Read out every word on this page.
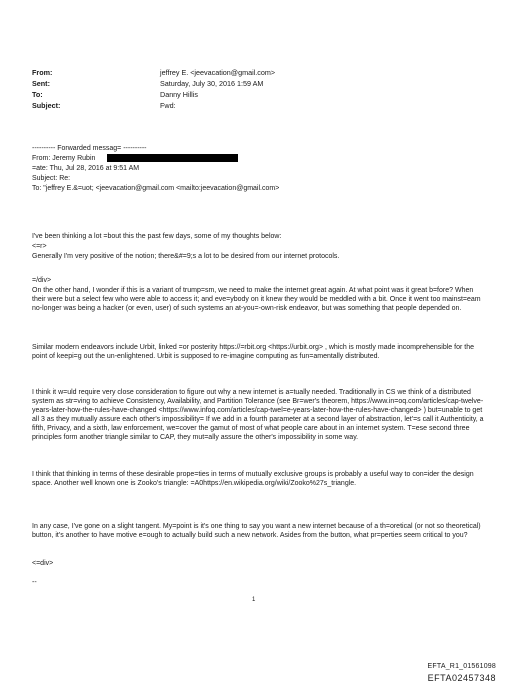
From:	jeffrey E. <jeevacation@gmail.com>
Sent:	Saturday, July 30, 2016 1:59 AM
To:	Danny Hillis
Subject:	Fwd:
---------- Forwarded messag= ----------
From: Jeremy Rubin
=ate: Thu, Jul 28, 2016 at 9:51 AM
Subject: Re:
To: "jeffrey E.&=uot; <jeevacation@gmail.com <mailto:jeevacation@gmail.com>
I've been thinking a lot =bout this the past few days, some of my thoughts below:
<=r>
Generally I'm very positive of the notion; there&#=9;s a lot to be desired from our internet protocols.
=/div>
On the other hand, I wonder if this is a variant of trump=sm, we need to make the internet great again. At what point was it great b=fore? When their were but a select few who were able to access it; and eve=ybody on it knew they would be meddled with a bit. Once it went too mainst=eam no-longer was being a hacker (or even, user) of such systems an at-you=-own-risk endeavor, but was something that people depended on.
Similar modern endeavors include Urbit, linked =or posterity https://=rbit.org <https://urbit.org> , which is mostly made incomprehensible for the point of keepi=g out the un-enlightened. Urbit is supposed to re-imagine computing as fun=amentally distributed.
I think it w=uld require very close consideration to figure out why a new internet is a=tually needed. Traditionally in CS we think of a distributed system as str=ving to achieve Consistency, Availability, and Partition Tolerance (see Br=wer's theorem, https://www.in=oq.com/articles/cap-twelve-years-later-how-the-rules-have-changed <https://www.infoq.com/articles/cap-twel=e-years-later-how-the-rules-have-changed> ) but=unable to get all 3 as they mutually assure each other's impossibility= If we add in a fourth parameter at a second layer of abstraction, let'=s call it Authenticity, a fifth, Privacy, and a sixth, law enforcement, we=cover the gamut of most of what people care about in an internet system. T=ese second three principles form another triangle similar to CAP, they mut=ally assure the other's impossibility in some way.
I think that thinking in terms of these desirable prope=ties in terms of mutually exclusive groups is probably a useful way to con=ider the design space. Another well known one is Zooko's triangle: =A0https://en.wikipedia.org/wiki/Zooko%27s_triangle.
In any case, I've gone on a slight tangent. My=point is it's one thing to say you want a new internet because of a th=oretical (or not so theoretical) button, it's another to have motive e=ough to actually build such a new network. Asides from the button, what pr=perties seem critical to you?
<=div>
--
1
EFTA_R1_01561098
EFTA02457348
